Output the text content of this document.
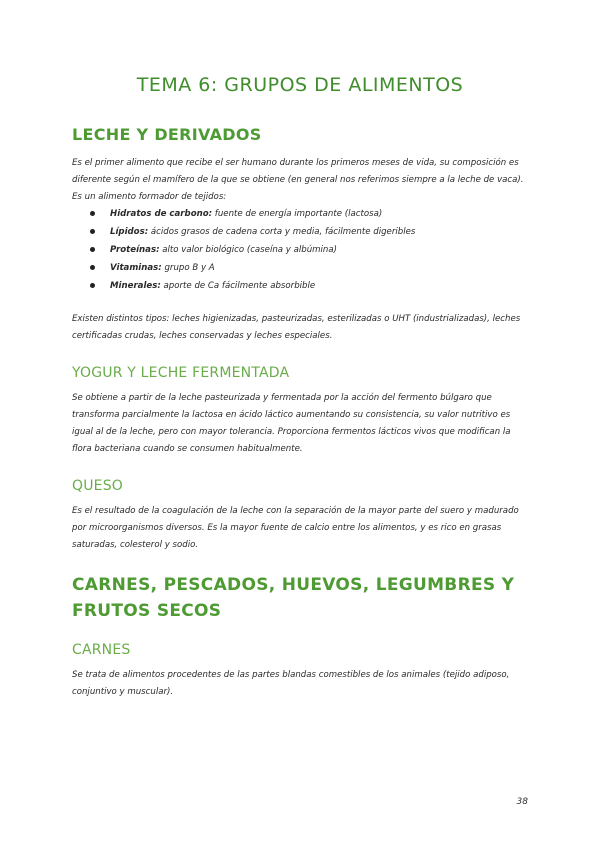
TEMA 6: GRUPOS DE ALIMENTOS
LECHE Y DERIVADOS

Es el primer alimento que recibe el ser humano durante los primeros meses de vida, su composición es diferente según el mamífero de la que se obtiene (en general nos referimos siempre a la leche de vaca).

Es un alimento formador de tejidos:

Hidratos de carbono: fuente de energía importante (lactosa)
Lípidos: ácidos grasos de cadena corta y media, fácilmente digeribles
Proteínas: alto valor biológico (caseína y albúmina)
Vitaminas: grupo B y A
Minerales: aporte de Ca fácilmente absorbible

Existen distintos tipos: leches higienizadas, pasteurizadas, esterilizadas o UHT (industrializadas), leches certificadas crudas, leches conservadas y leches especiales.

YOGUR Y LECHE FERMENTADA

Se obtiene a partir de la leche pasteurizada y fermentada por la acción del fermento búlgaro que transforma parcialmente la lactosa en ácido láctico aumentando su consistencia, su valor nutritivo es igual al de la leche, pero con mayor tolerancia. Proporciona fermentos lácticos vivos que modifican la flora bacteriana cuando se consumen habitualmente.

QUESO

Es el resultado de la coagulación de la leche con la separación de la mayor parte del suero y madurado por microorganismos diversos. Es la mayor fuente de calcio entre los alimentos, y es rico en grasas saturadas, colesterol y sodio.

CARNES, PESCADOS, HUEVOS, LEGUMBRES Y FRUTOS SECOS
CARNES

Se trata de alimentos procedentes de las partes blandas comestibles de los animales (tejido adiposo, conjuntivo y muscular).

38
